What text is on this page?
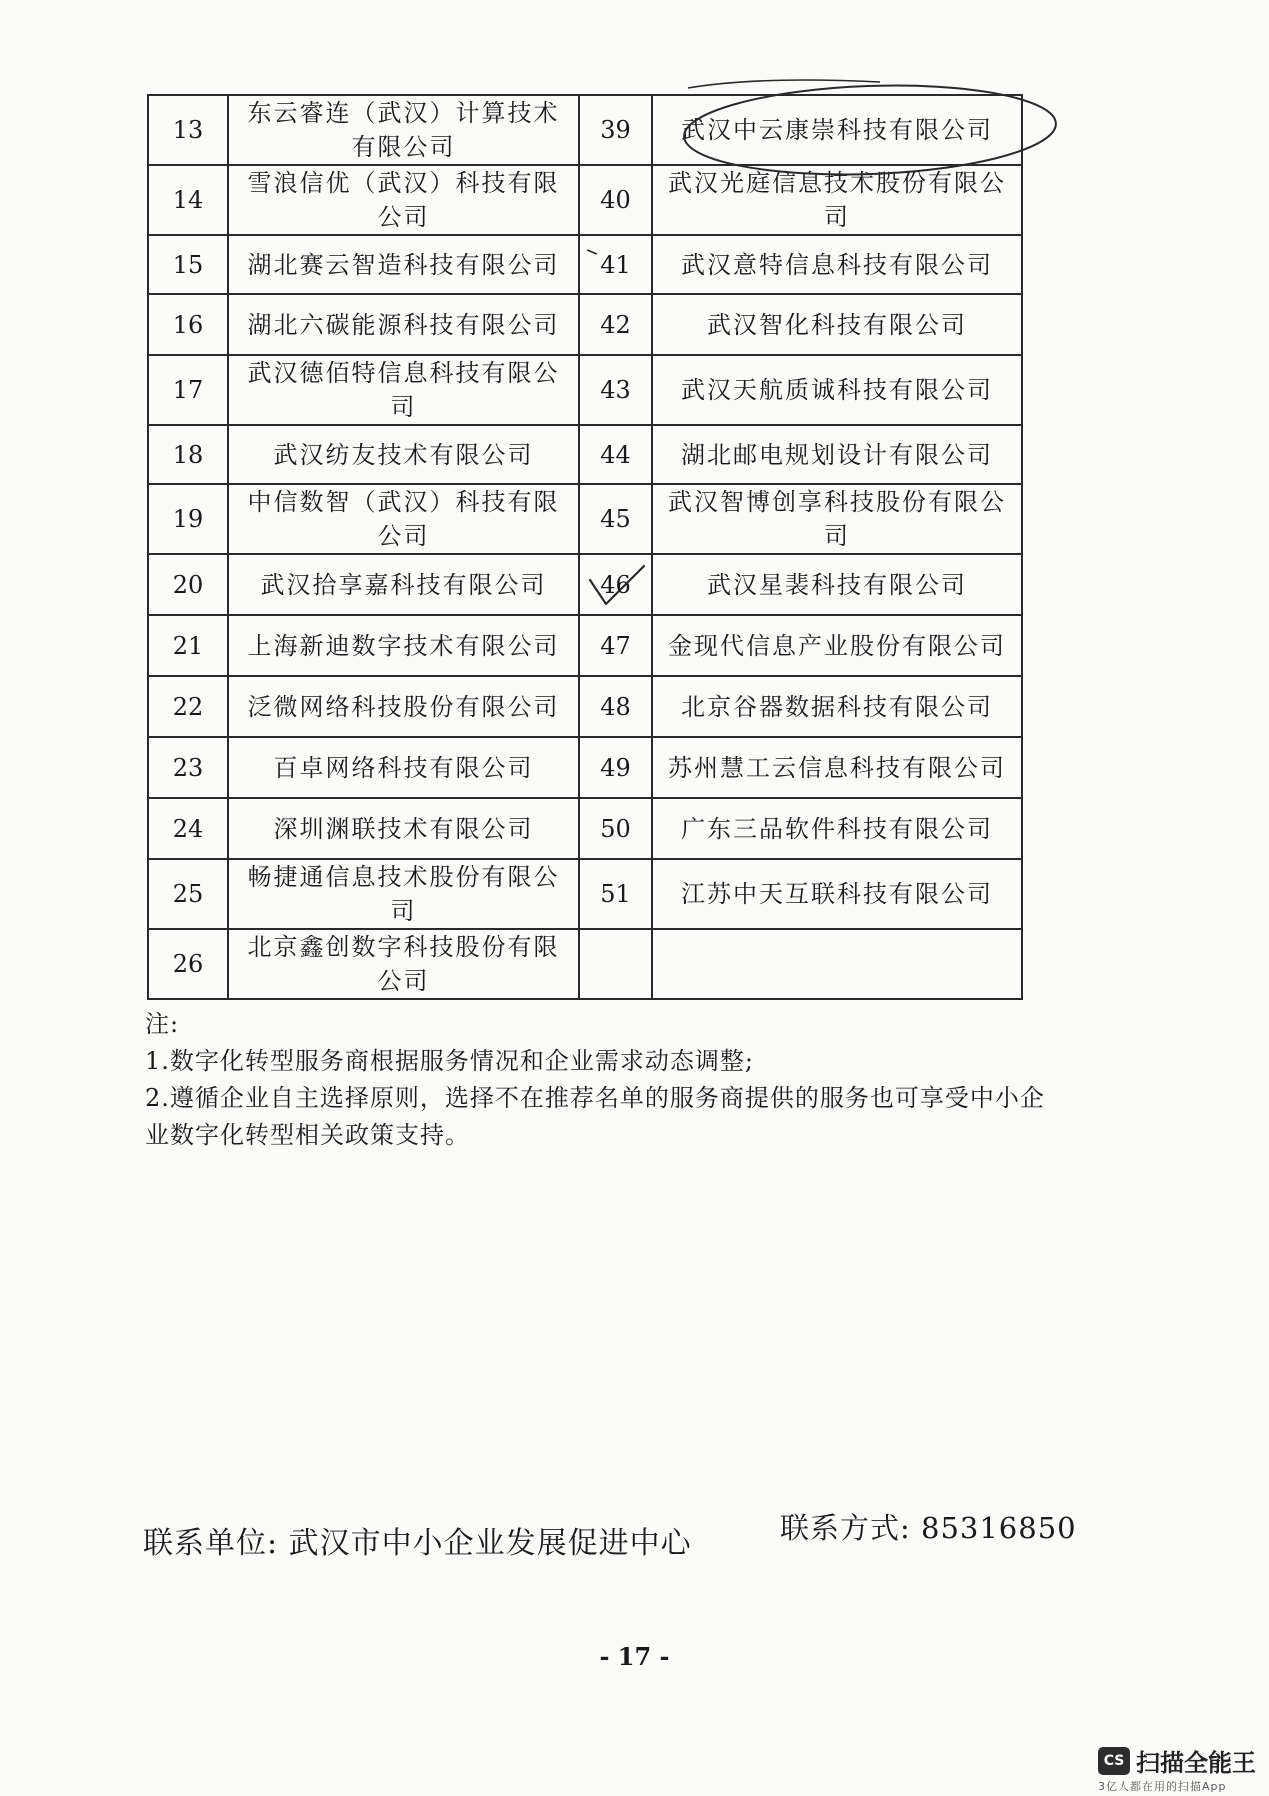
13	东云睿连（武汉）计算技术有限公司	39	武汉中云康崇科技有限公司
14	雪浪信优（武汉）科技有限公司	40	武汉光庭信息技术股份有限公司
15	湖北赛云智造科技有限公司	41	武汉意特信息科技有限公司
16	湖北六碳能源科技有限公司	42	武汉智化科技有限公司
17	武汉德佰特信息科技有限公司	43	武汉天航质诚科技有限公司
18	武汉纺友技术有限公司	44	湖北邮电规划设计有限公司
19	中信数智（武汉）科技有限公司	45	武汉智博创享科技股份有限公司
20	武汉拾享嘉科技有限公司	46	武汉星裴科技有限公司
21	上海新迪数字技术有限公司	47	金现代信息产业股份有限公司
22	泛微网络科技股份有限公司	48	北京谷器数据科技有限公司
23	百卓网络科技有限公司	49	苏州慧工云信息科技有限公司
24	深圳渊联技术有限公司	50	广东三品软件科技有限公司
25	畅捷通信息技术股份有限公司	51	江苏中天互联科技有限公司
26	北京鑫创数字科技股份有限公司		
注:
1.数字化转型服务商根据服务情况和企业需求动态调整;
2.遵循企业自主选择原则，选择不在推荐名单的服务商提供的服务也可享受中小企业数字化转型相关政策支持。
联系单位: 武汉市中小企业发展促进中心	联系方式: 85316850
- 17 -
CS 扫描全能王
3亿人都在用的扫描App
